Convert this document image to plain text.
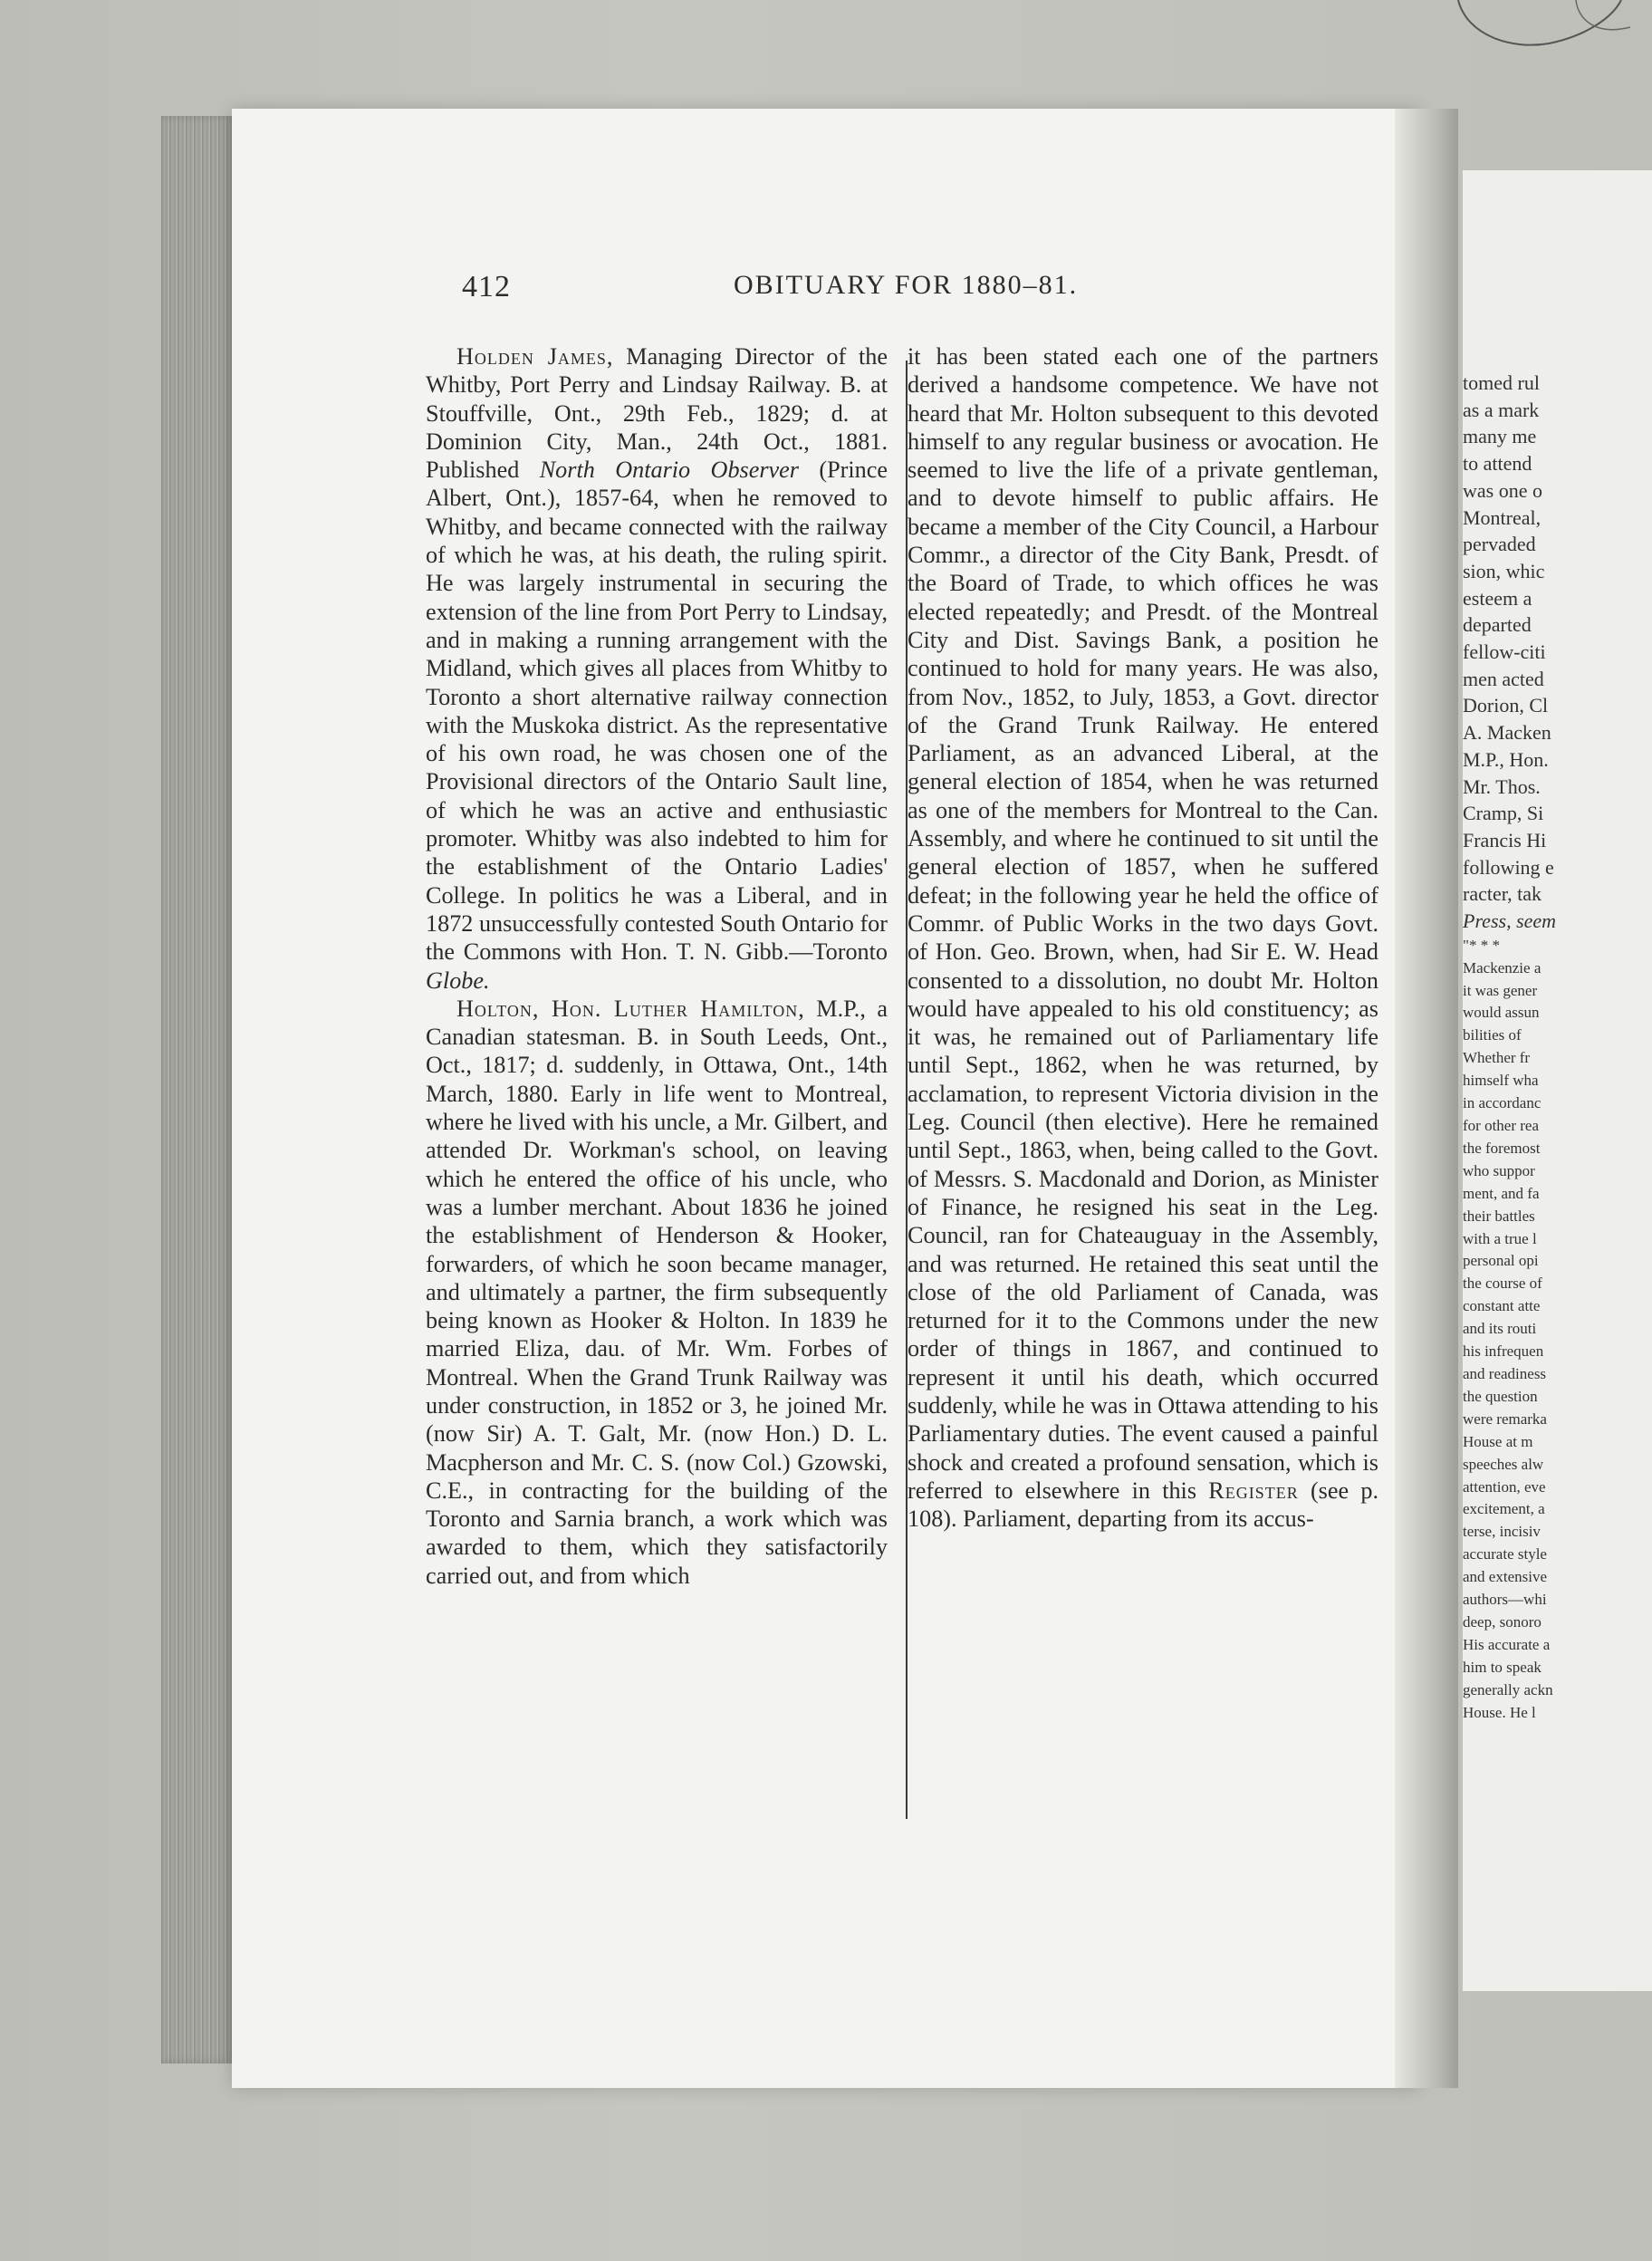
412	OBITUARY FOR 1880–81.

Holden James, Managing Director of the Whitby, Port Perry and Lindsay Railway. B. at Stouffville, Ont., 29th Feb., 1829; d. at Dominion City, Man., 24th Oct., 1881. Published North Ontario Observer (Prince Albert, Ont.), 1857-64, when he removed to Whitby, and became connected with the railway of which he was, at his death, the ruling spirit. He was largely instrumental in securing the extension of the line from Port Perry to Lindsay, and in making a running arrangement with the Midland, which gives all places from Whitby to Toronto a short alternative railway connection with the Muskoka district. As the representative of his own road, he was chosen one of the Provisional directors of the Ontario Sault line, of which he was an active and enthusiastic promoter. Whitby was also indebted to him for the establishment of the Ontario Ladies' College. In politics he was a Liberal, and in 1872 unsuccessfully contested South Ontario for the Commons with Hon. T. N. Gibb.—Toronto Globe.

Holton, Hon. Luther Hamilton, M.P., a Canadian statesman. B. in South Leeds, Ont., Oct., 1817; d. suddenly, in Ottawa, Ont., 14th March, 1880. Early in life went to Montreal, where he lived with his uncle, a Mr. Gilbert, and attended Dr. Workman's school, on leaving which he entered the office of his uncle, who was a lumber merchant. About 1836 he joined the establishment of Henderson & Hooker, forwarders, of which he soon became manager, and ultimately a partner, the firm subsequently being known as Hooker & Holton. In 1839 he married Eliza, dau. of Mr. Wm. Forbes of Montreal. When the Grand Trunk Railway was under construction, in 1852 or 3, he joined Mr. (now Sir) A. T. Galt, Mr. (now Hon.) D. L. Macpherson and Mr. C. S. (now Col.) Gzowski, C.E., in contracting for the building of the Toronto and Sarnia branch, a work which was awarded to them, which they satisfactorily carried out, and from which

it has been stated each one of the partners derived a handsome competence. We have not heard that Mr. Holton subsequent to this devoted himself to any regular business or avocation. He seemed to live the life of a private gentleman, and to devote himself to public affairs. He became a member of the City Council, a Harbour Commr., a director of the City Bank, Presdt. of the Board of Trade, to which offices he was elected repeatedly; and Presdt. of the Montreal City and Dist. Savings Bank, a position he continued to hold for many years. He was also, from Nov., 1852, to July, 1853, a Govt. director of the Grand Trunk Railway. He entered Parliament, as an advanced Liberal, at the general election of 1854, when he was returned as one of the members for Montreal to the Can. Assembly, and where he continued to sit until the general election of 1857, when he suffered defeat; in the following year he held the office of Commr. of Public Works in the two days Govt. of Hon. Geo. Brown, when, had Sir E. W. Head consented to a dissolution, no doubt Mr. Holton would have appealed to his old constituency; as it was, he remained out of Parliamentary life until Sept., 1862, when he was returned, by acclamation, to represent Victoria division in the Leg. Council (then elective). Here he remained until Sept., 1863, when, being called to the Govt. of Messrs. S. Macdonald and Dorion, as Minister of Finance, he resigned his seat in the Leg. Council, ran for Chateauguay in the Assembly, and was returned. He retained this seat until the close of the old Parliament of Canada, was returned for it to the Commons under the new order of things in 1867, and continued to represent it until his death, which occurred suddenly, while he was in Ottawa attending to his Parliamentary duties. The event caused a painful shock and created a profound sensation, which is referred to elsewhere in this Register (see p. 108). Parliament, departing from its accus-

tomed rul
as a mark
many me
to attend
was one o
Montreal,
pervaded
sion, whic
esteem a
departed
fellow-citi
men acted
Dorion, Cl
A. Macken
M.P., Hon.
Mr. Thos.
Cramp, Si
Francis Hi
following e
racter, tak
Press, seem
"* * *
Mackenzie a
it was gener
would assun
bilities of
Whether fr
himself wha
in accordanc
for other rea
the foremost
who suppor
ment, and fa
their battles
with a true l
personal opi
the course of
constant atte
and its routi
his infrequen
and readiness
the question
were remarka
House at m
speeches alw
attention, eve
excitement, a
terse, incisiv
accurate style
and extensive
authors—whi
deep, sonoro
His accurate a
him to speak
generally ackn
House. He l
